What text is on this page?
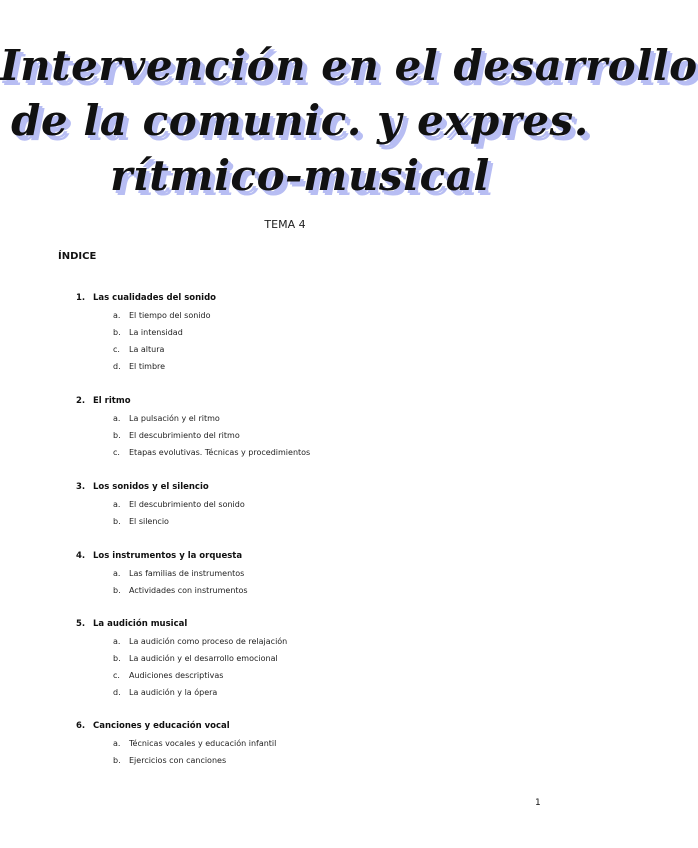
Intervención en el desarrollo
de la comunic. y expres.
rítmico-musical
TEMA 4
ÍNDICE
1. Las cualidades del sonido
a. El tiempo del sonido
b. La intensidad
c. La altura
d. El timbre
2. El ritmo
a. La pulsación y el ritmo
b. El descubrimiento del ritmo
c. Etapas evolutivas. Técnicas y procedimientos
3. Los sonidos y el silencio
a. El descubrimiento del sonido
b. El silencio
4. Los instrumentos y la orquesta
a. Las familias de instrumentos
b. Actividades con instrumentos
5. La audición musical
a. La audición como proceso de relajación
b. La audición y el desarrollo emocional
c. Audiciones descriptivas
d. La audición y la ópera
6. Canciones y educación vocal
a. Técnicas vocales y educación infantil
b. Ejercicios con canciones
1
